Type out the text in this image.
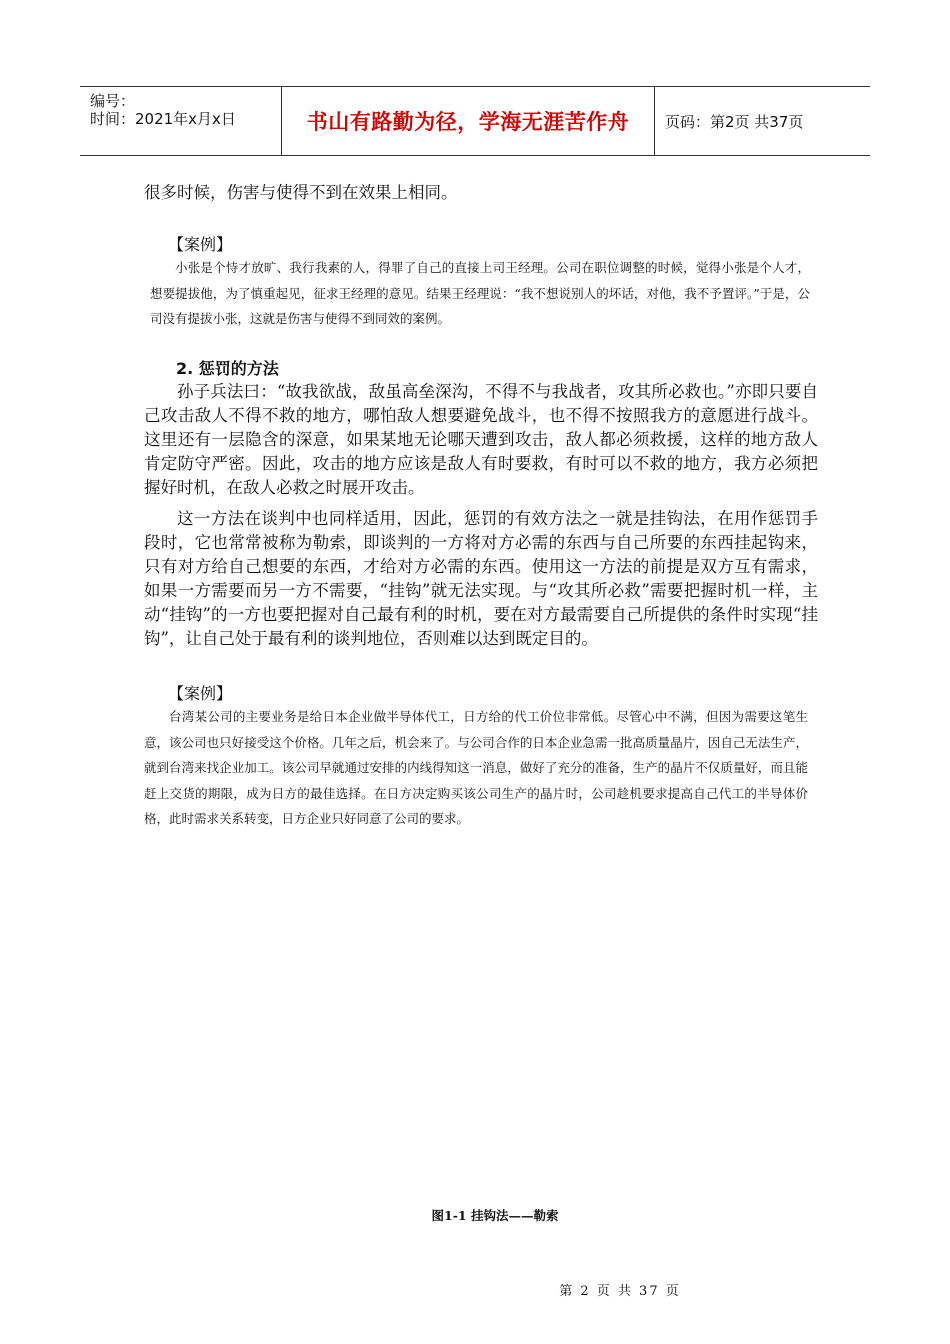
编号：
时间：2021年x月x日	书山有路勤为径，学海无涯苦作舟 页码：第2页 共37页
很多时候，伤害与使得不到在效果上相同。
【案例】
小张是个恃才放旷、我行我素的人，得罪了自己的直接上司王经理。公司在职位调整的时候，觉得小张是个人才，想要提拔他，为了慎重起见，征求王经理的意见。结果王经理说：“我不想说别人的坏话，对他，我不予置评。”于是，公司没有提拔小张，这就是伤害与使得不到同效的案例。
2. 惩罚的方法
孙子兵法曰：“故我欲战，敌虽高垒深沟，不得不与我战者，攻其所必救也。”亦即只要自己攻击敌人不得不救的地方，哪怕敌人想要避免战斗，也不得不按照我方的意愿进行战斗。这里还有一层隐含的深意，如果某地无论哪天遭到攻击，敌人都必须救援，这样的地方敌人肯定防守严密。因此，攻击的地方应该是敌人有时要救，有时可以不救的地方，我方必须把握好时机，在敌人必救之时展开攻击。
这一方法在谈判中也同样适用，因此，惩罚的有效方法之一就是挂钩法，在用作惩罚手段时，它也常常被称为勒索，即谈判的一方将对方必需的东西与自己所要的东西挂起钩来，只有对方给自己想要的东西，才给对方必需的东西。使用这一方法的前提是双方互有需求，如果一方需要而另一方不需要，“挂钩”就无法实现。与“攻其所必救”需要把握时机一样，主动“挂钩”的一方也要把握对自己最有利的时机，要在对方最需要自己所提供的条件时实现“挂钩”，让自己处于最有利的谈判地位，否则难以达到既定目的。
【案例】
台湾某公司的主要业务是给日本企业做半导体代工，日方给的代工价位非常低。尽管心中不满，但因为需要这笔生意，该公司也只好接受这个价格。几年之后，机会来了。与公司合作的日本企业急需一批高质量晶片，因自己无法生产，就到台湾来找企业加工。该公司早就通过安排的内线得知这一消息，做好了充分的准备，生产的晶片不仅质量好，而且能赶上交货的期限，成为日方的最佳选择。在日方决定购买该公司生产的晶片时，公司趁机要求提高自己代工的半导体价格，此时需求关系转变，日方企业只好同意了公司的要求。
图1-1 挂钩法——勒索
第 2 页 共 37 页
